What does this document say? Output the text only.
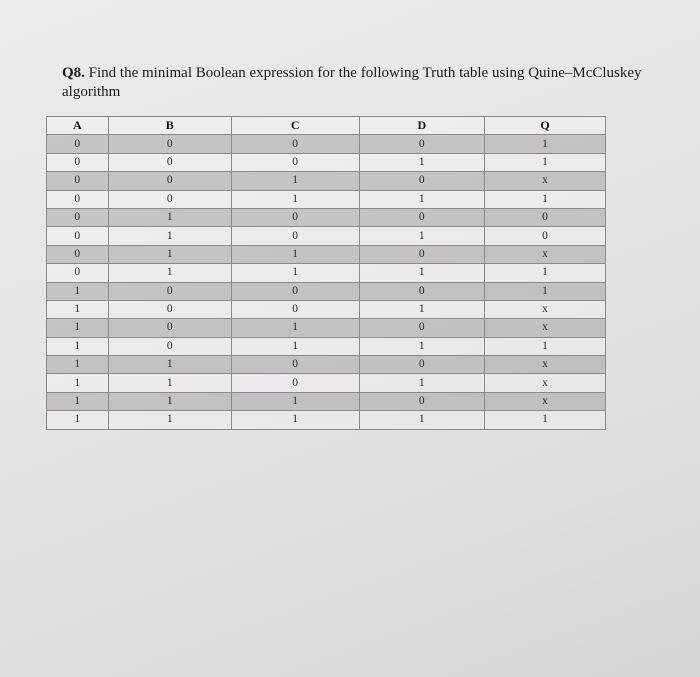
Q8. Find the minimal Boolean expression for the following Truth table using Quine–McCluskey algorithm
A	B	C	D	Q
0	0	0	0	1
0	0	0	1	1
0	0	1	0	x
0	0	1	1	1
0	1	0	0	0
0	1	0	1	0
0	1	1	0	x
0	1	1	1	1
1	0	0	0	1
1	0	0	1	x
1	0	1	0	x
1	0	1	1	1
1	1	0	0	x
1	1	0	1	x
1	1	1	0	x
1	1	1	1	1
